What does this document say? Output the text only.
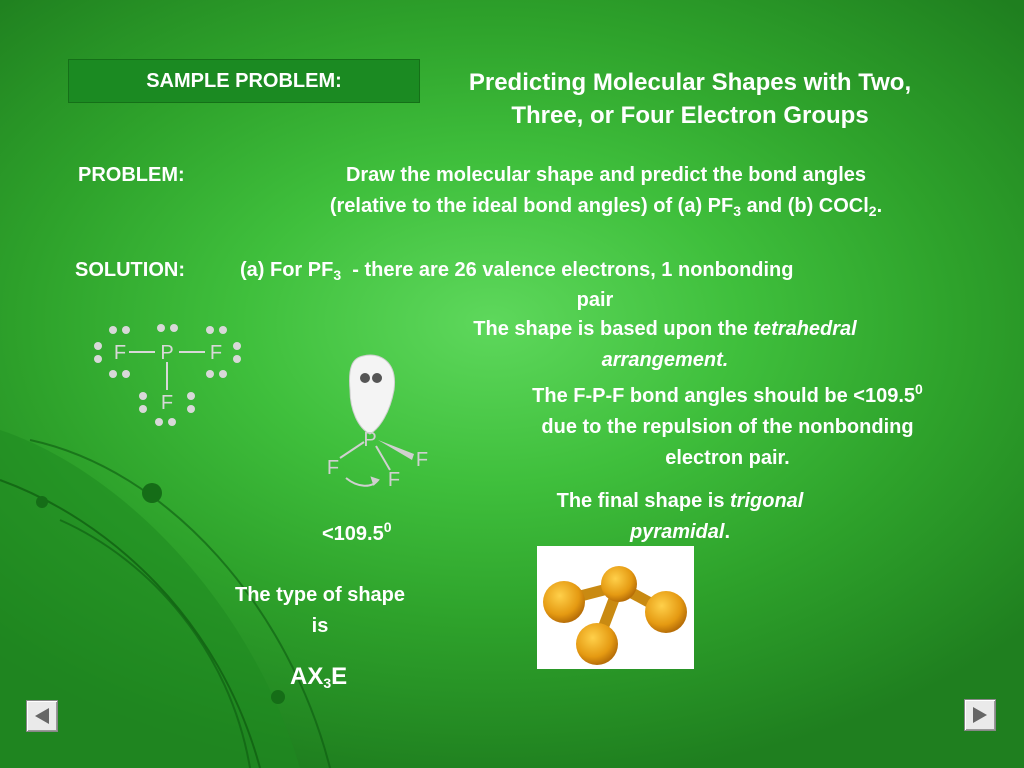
SAMPLE PROBLEM:	Predicting Molecular Shapes with Two,
Three, or Four Electron Groups
PROBLEM:	Draw the molecular shape and predict the bond angles
(relative to the ideal bond angles) of (a) $PF_3$ and (b) COCl$_2$.
SOLUTION:	(a) For $PF_3$  - there are 26 valence electrons, 1 nonbonding
pair
The shape is based upon the tetrahedral
arrangement.
The F-P-F bond angles should be $<109.5^0$
due to the repulsion of the nonbonding
electron pair.
The final shape is trigonal
pyramidal.
F P F
F
P
F	F
F
$<109.5^0$
The type of shape
is
$AX_3E$
